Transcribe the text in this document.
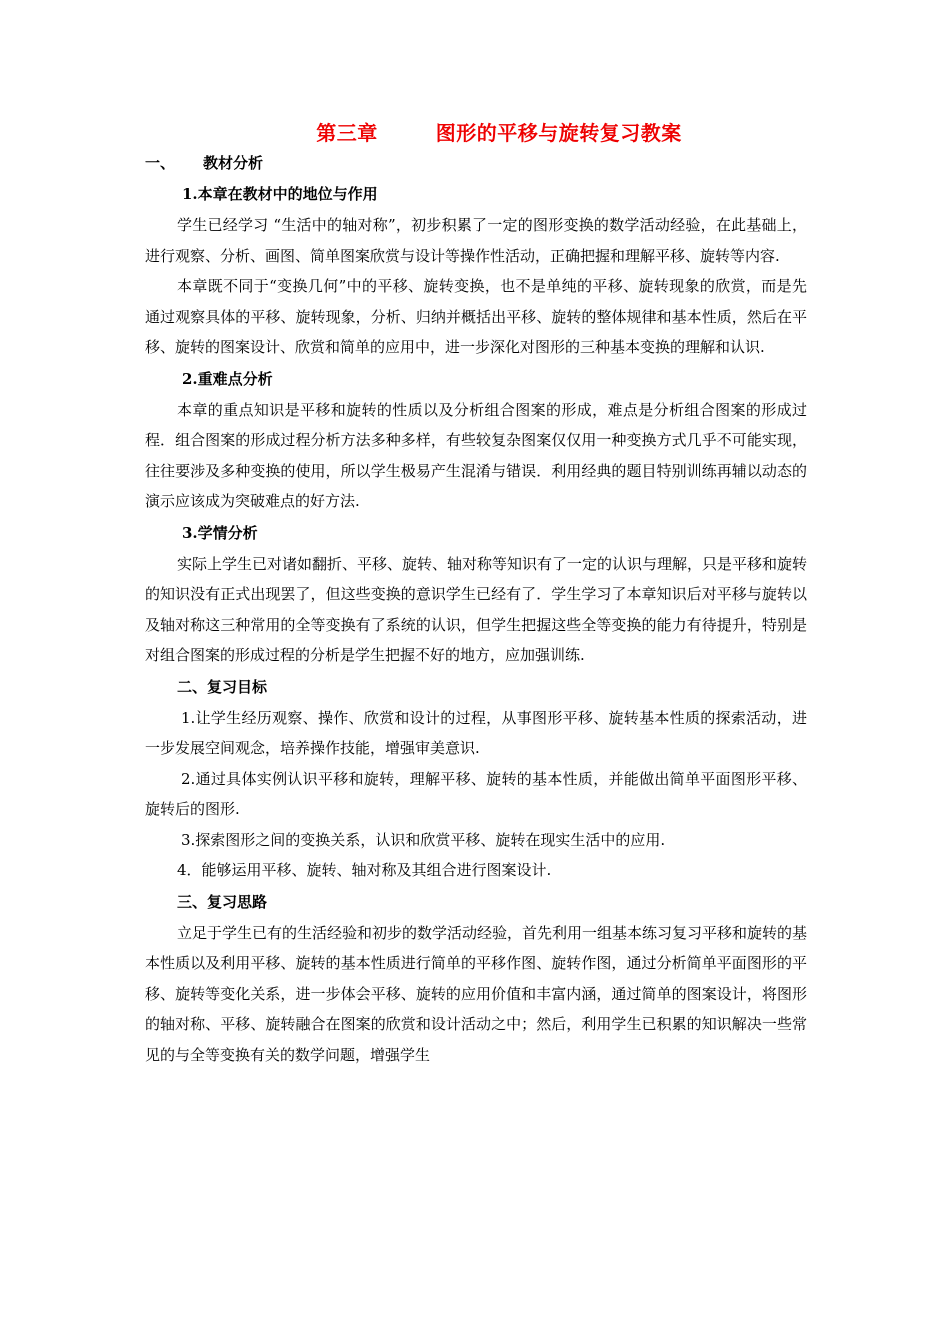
第三章	图形的平移与旋转复习教案
一、 教材分析
1.本章在教材中的地位与作用

学生已经学习 “生活中的轴对称”，初步积累了一定的图形变换的数学活动经验，在此基础上，进行观察、分析、画图、简单图案欣赏与设计等操作性活动，正确把握和理解平移、旋转等内容.

本章既不同于“变换几何”中的平移、旋转变换，也不是单纯的平移、旋转现象的欣赏，而是先通过观察具体的平移、旋转现象，分析、归纳并概括出平移、旋转的整体规律和基本性质，然后在平移、旋转的图案设计、欣赏和简单的应用中，进一步深化对图形的三种基本变换的理解和认识.

2.重难点分析

本章的重点知识是平移和旋转的性质以及分析组合图案的形成，难点是分析组合图案的形成过程．组合图案的形成过程分析方法多种多样，有些较复杂图案仅仅用一种变换方式几乎不可能实现，往往要涉及多种变换的使用，所以学生极易产生混淆与错误．利用经典的题目特别训练再辅以动态的演示应该成为突破难点的好方法.

3.学情分析

实际上学生已对诸如翻折、平移、旋转、轴对称等知识有了一定的认识与理解，只是平移和旋转的知识没有正式出现罢了，但这些变换的意识学生已经有了．学生学习了本章知识后对平移与旋转以及轴对称这三种常用的全等变换有了系统的认识，但学生把握这些全等变换的能力有待提升，特别是对组合图案的形成过程的分析是学生把握不好的地方，应加强训练.

二、复习目标

1.让学生经历观察、操作、欣赏和设计的过程，从事图形平移、旋转基本性质的探索活动，进一步发展空间观念，培养操作技能，增强审美意识.

2.通过具体实例认识平移和旋转，理解平移、旋转的基本性质，并能做出简单平面图形平移、旋转后的图形.

3.探索图形之间的变换关系，认识和欣赏平移、旋转在现实生活中的应用.

4．能够运用平移、旋转、轴对称及其组合进行图案设计.

三、复习思路

立足于学生已有的生活经验和初步的数学活动经验，首先利用一组基本练习复习平移和旋转的基本性质以及利用平移、旋转的基本性质进行简单的平移作图、旋转作图，通过分析简单平面图形的平移、旋转等变化关系，进一步体会平移、旋转的应用价值和丰富内涵，通过简单的图案设计，将图形的轴对称、平移、旋转融合在图案的欣赏和设计活动之中；然后，利用学生已积累的知识解决一些常见的与全等变换有关的数学问题，增强学生
